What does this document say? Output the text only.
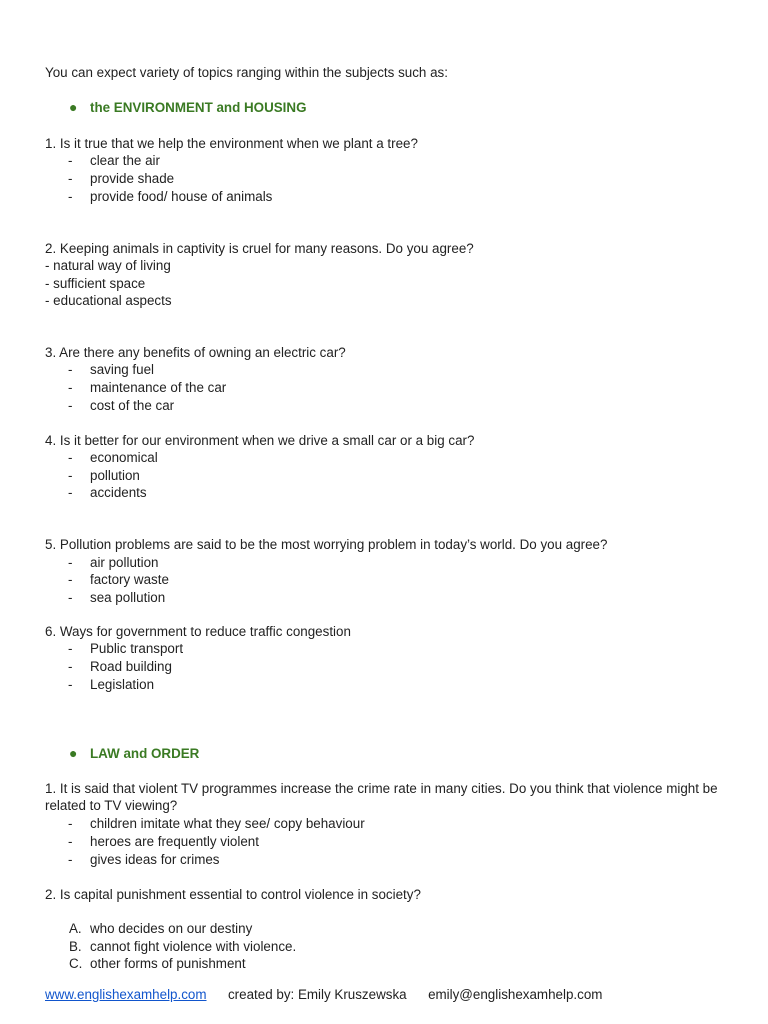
You can expect variety of topics ranging within the subjects such as:
● the ENVIRONMENT and HOUSING
1. Is it true that we help the environment when we plant a tree?
- clear the air
- provide shade
- provide food/ house of animals
2. Keeping animals in captivity is cruel for many reasons. Do you agree?
- natural way of living
- sufficient space
- educational aspects
3. Are there any benefits of owning an electric car?
- saving fuel
- maintenance of the car
- cost of the car
4. Is it better for our environment when we drive a small car or a big car?
- economical
- pollution
- accidents
5. Pollution problems are said to be the most worrying problem in today’s world. Do you agree?
- air pollution
- factory waste
- sea pollution
6. Ways for government to reduce traffic congestion
- Public transport
- Road building
- Legislation
● LAW and ORDER
1. It is said that violent TV programmes increase the crime rate in many cities. Do you think that violence might be related to TV viewing?
- children imitate what they see/ copy behaviour
- heroes are frequently violent
- gives ideas for crimes
2. Is capital punishment essential to control violence in society?
A. who decides on our destiny
B. cannot fight violence with violence.
C. other forms of punishment
www.englishexamhelp.com created by: Emily Kruszewska emily@englishexamhelp.com
